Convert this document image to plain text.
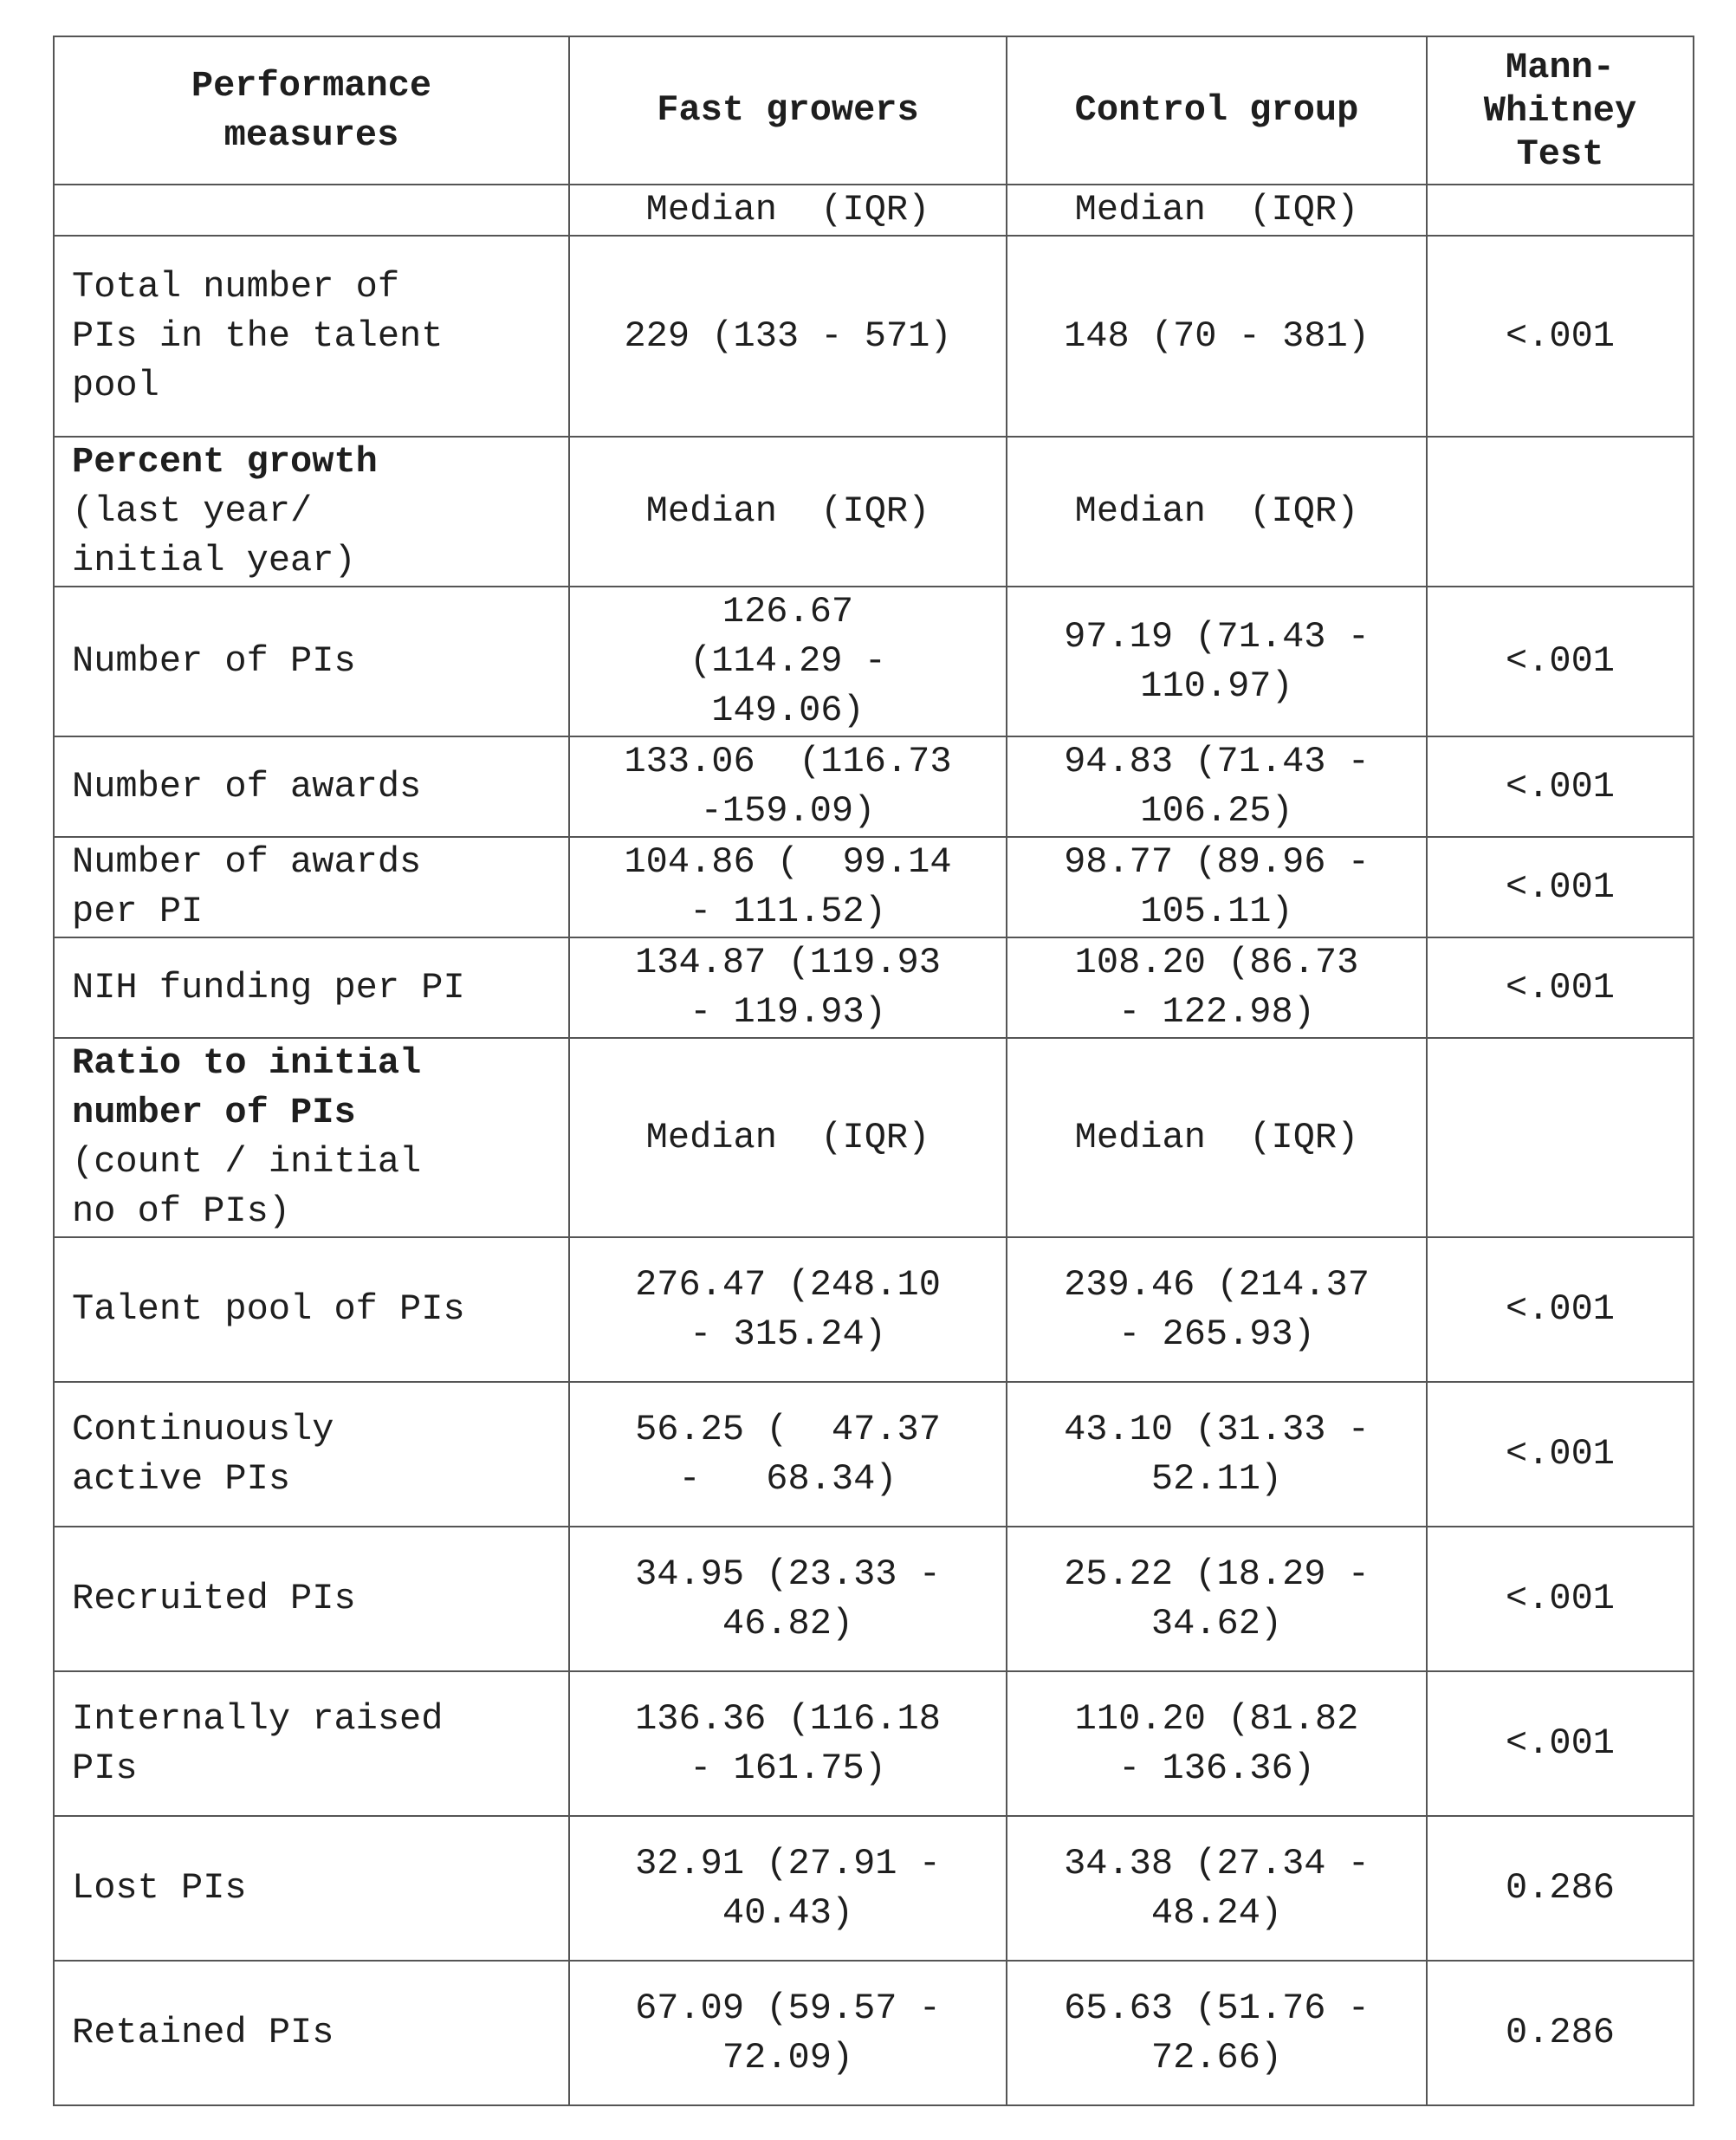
Performance
measures	Fast growers	Control group	Mann-
Whitney
Test

	Median  (IQR)	Median  (IQR)	

Total number of
PIs in the talent
pool	229 (133 - 571)	148 (70 - 381)	<.001

Percent growth
(last year/
initial year)	Median  (IQR)	Median  (IQR)	

Number of PIs	126.67
(114.29 -
149.06)	97.19 (71.43 -
110.97)	<.001

Number of awards	133.06  (116.73
-159.09)	94.83 (71.43 -
106.25)	<.001

Number of awards
per PI	104.86 (  99.14
- 111.52)	98.77 (89.96 -
105.11)	<.001

NIH funding per PI	134.87 (119.93
- 119.93)	108.20 (86.73
- 122.98)	<.001

Ratio to initial
number of PIs
(count / initial
no of PIs)	Median  (IQR)	Median  (IQR)	

Talent pool of PIs	276.47 (248.10
- 315.24)	239.46 (214.37
- 265.93)	<.001

Continuously
active PIs	56.25 (  47.37
-   68.34)	43.10 (31.33 -
52.11)	<.001

Recruited PIs	34.95 (23.33 -
46.82)	25.22 (18.29 -
34.62)	<.001

Internally raised
PIs	136.36 (116.18
- 161.75)	110.20 (81.82
- 136.36)	<.001

Lost PIs	32.91 (27.91 -
40.43)	34.38 (27.34 -
48.24)	0.286

Retained PIs	67.09 (59.57 -
72.09)	65.63 (51.76 -
72.66)	0.286
